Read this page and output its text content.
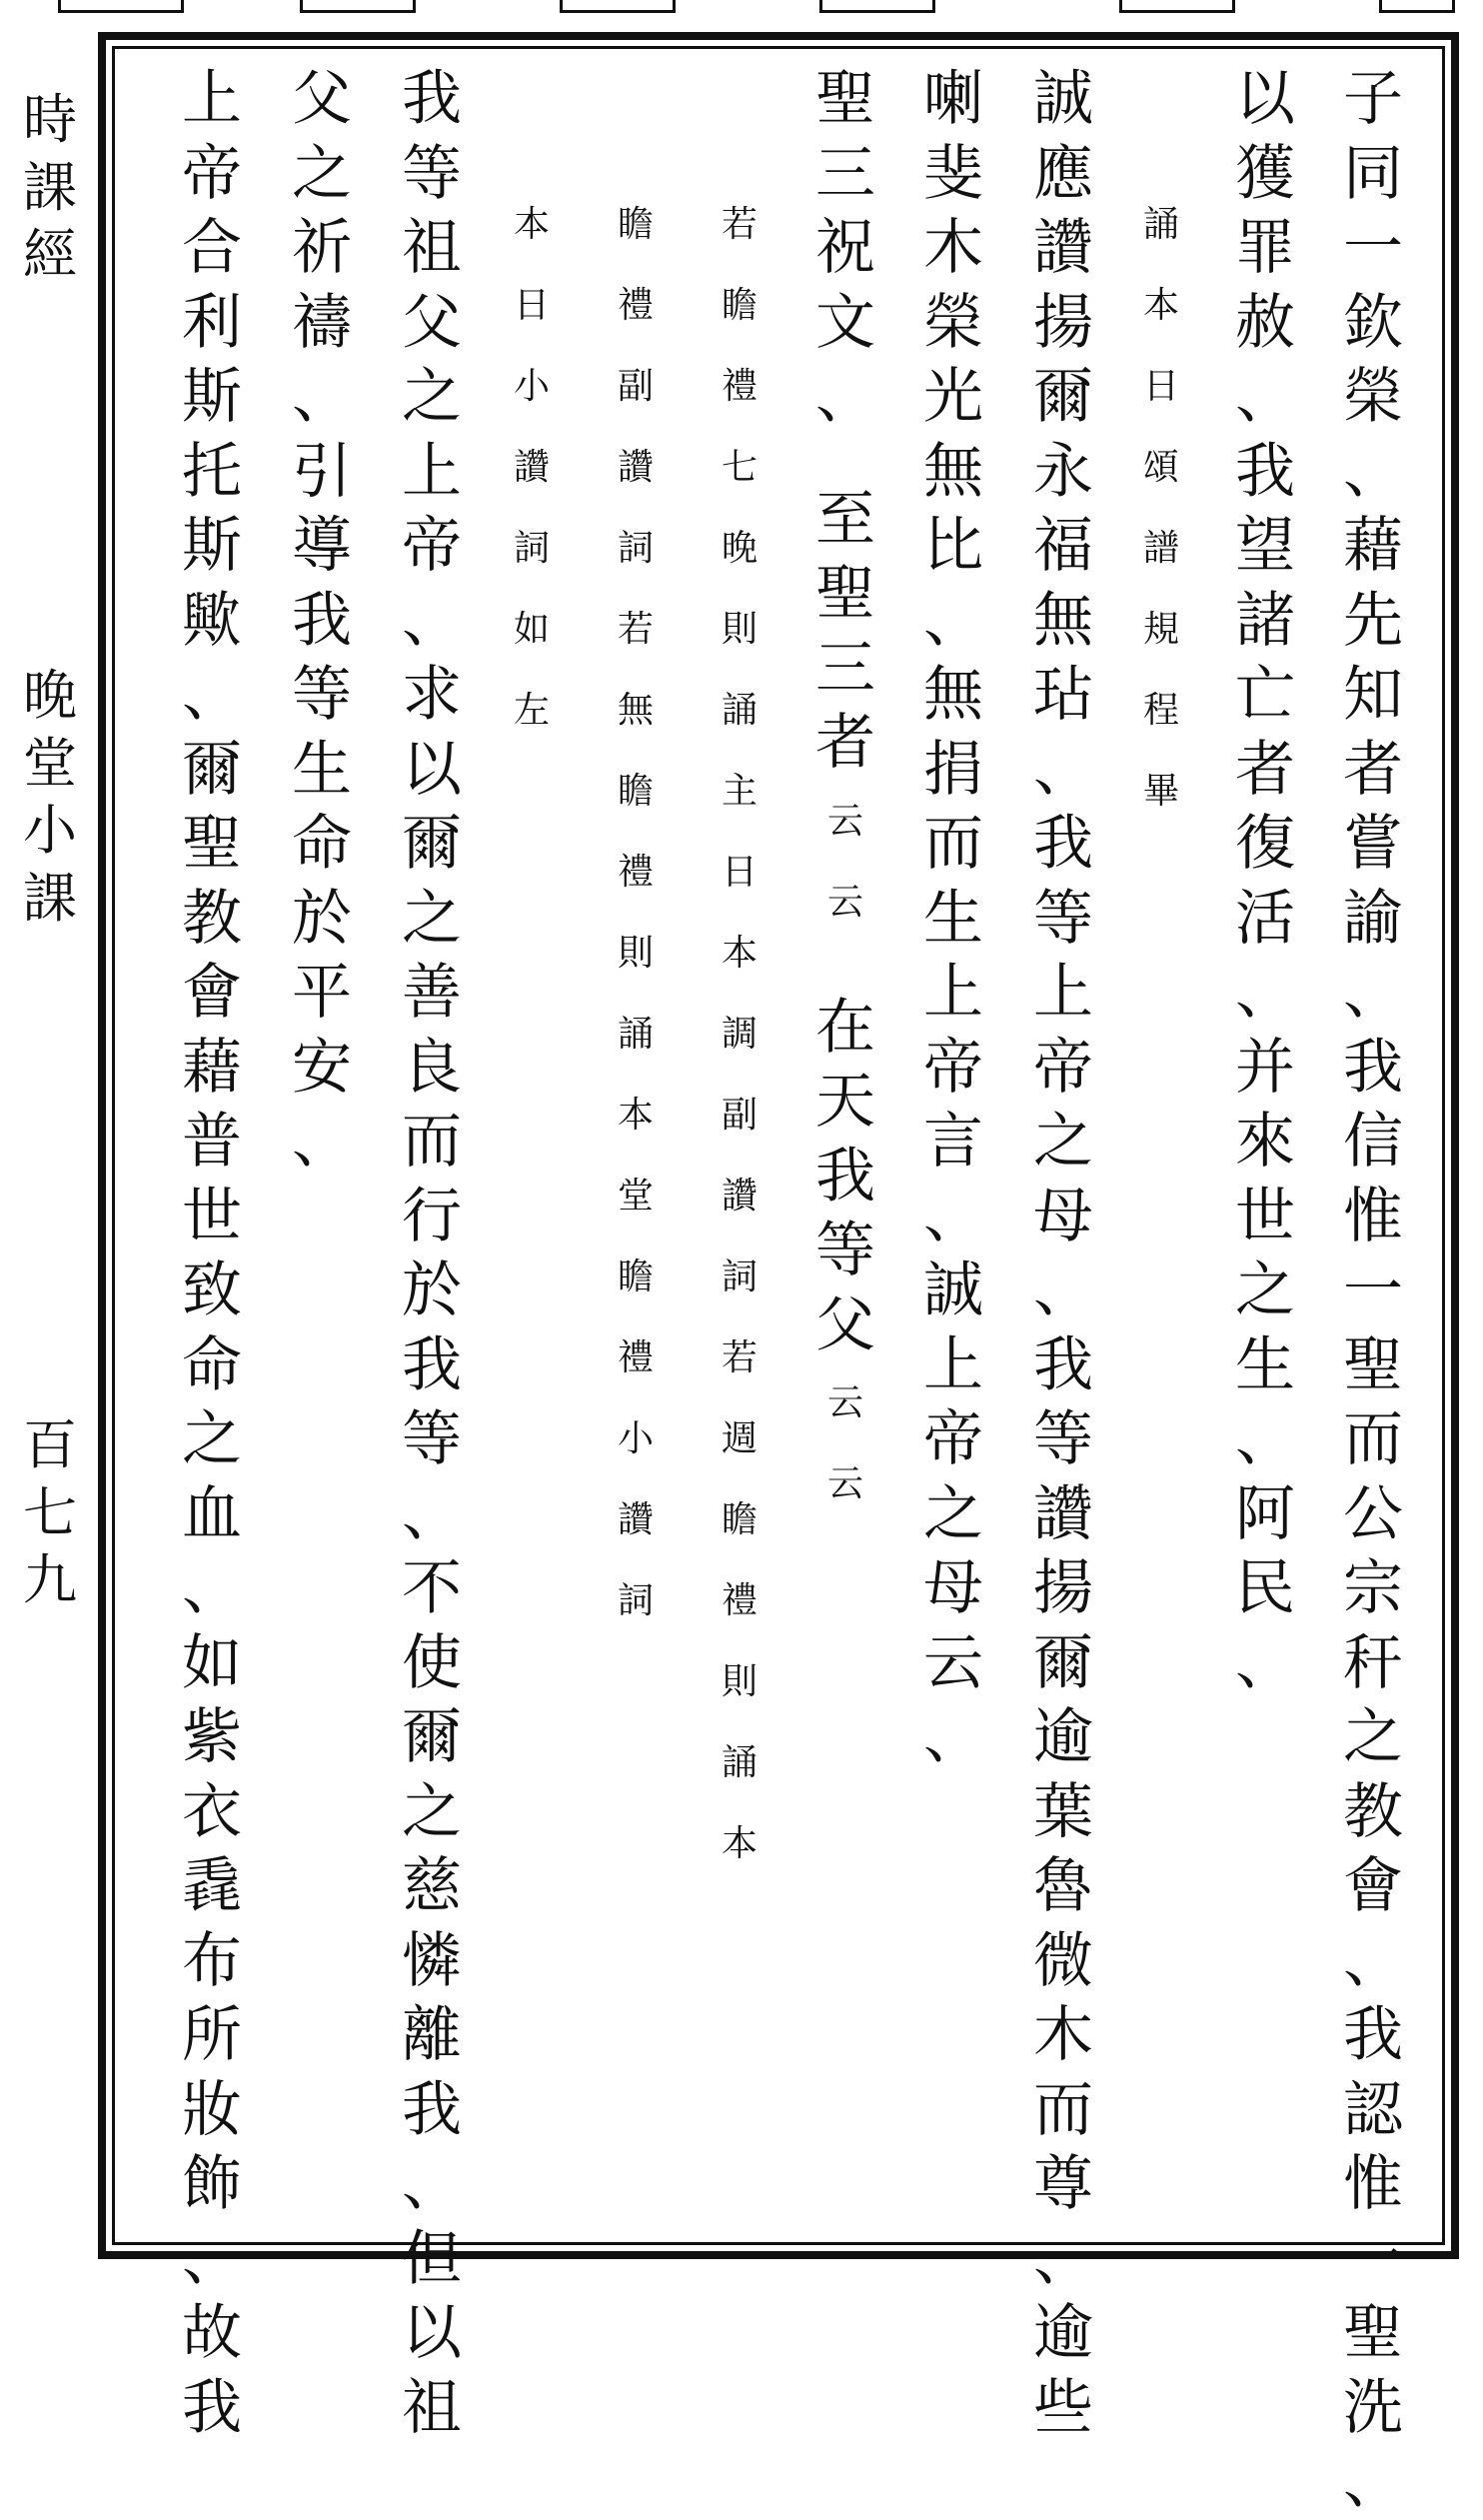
時
課
經
晚
堂
小
課
百
七
九
子
同
一
欽
榮
、
藉
先
知
者
嘗
諭
、
我
信
惟
一
聖
而
公
宗
秆
之
教
會
、
我
認
惟
一
聖
洗
、
以
獲
罪
赦
、
我
望
諸
亡
者
復
活
、
并
來
世
之
生
、
阿
民
、
誦
本
日
頌
譜
規
程
畢
誠
應
讚
揚
爾
永
福
無
玷
、
我
等
上
帝
之
母
、
我
等
讚
揚
爾
逾
葉
魯
微
木
而
尊
、
逾
些
喇
斐
木
榮
光
無
比
、
無
捐
而
生
上
帝
言
、
誠
上
帝
之
母
云
、
聖
三
祝
文
、
至
聖
三
者
云
云
在
天
我
等
父
云
云
若
瞻
禮
七
晚
則
誦
主
日
本
調
副
讚
詞
若
週
瞻
禮
則
誦
本
瞻
禮
副
讚
詞
若
無
瞻
禮
則
誦
本
堂
瞻
禮
小
讚
詞
本
日
小
讚
詞
如
左
我
等
祖
父
之
上
帝
、
求
以
爾
之
善
良
而
行
於
我
等
、
不
使
爾
之
慈
憐
離
我
、
但
以
祖
父
之
祈
禱
、
引
導
我
等
生
命
於
平
安
、
上
帝
合
利
斯
托
斯
歟
、
爾
聖
教
會
藉
普
世
致
命
之
血
、
如
紫
衣
毳
布
所
妝
飾
、
故
我
